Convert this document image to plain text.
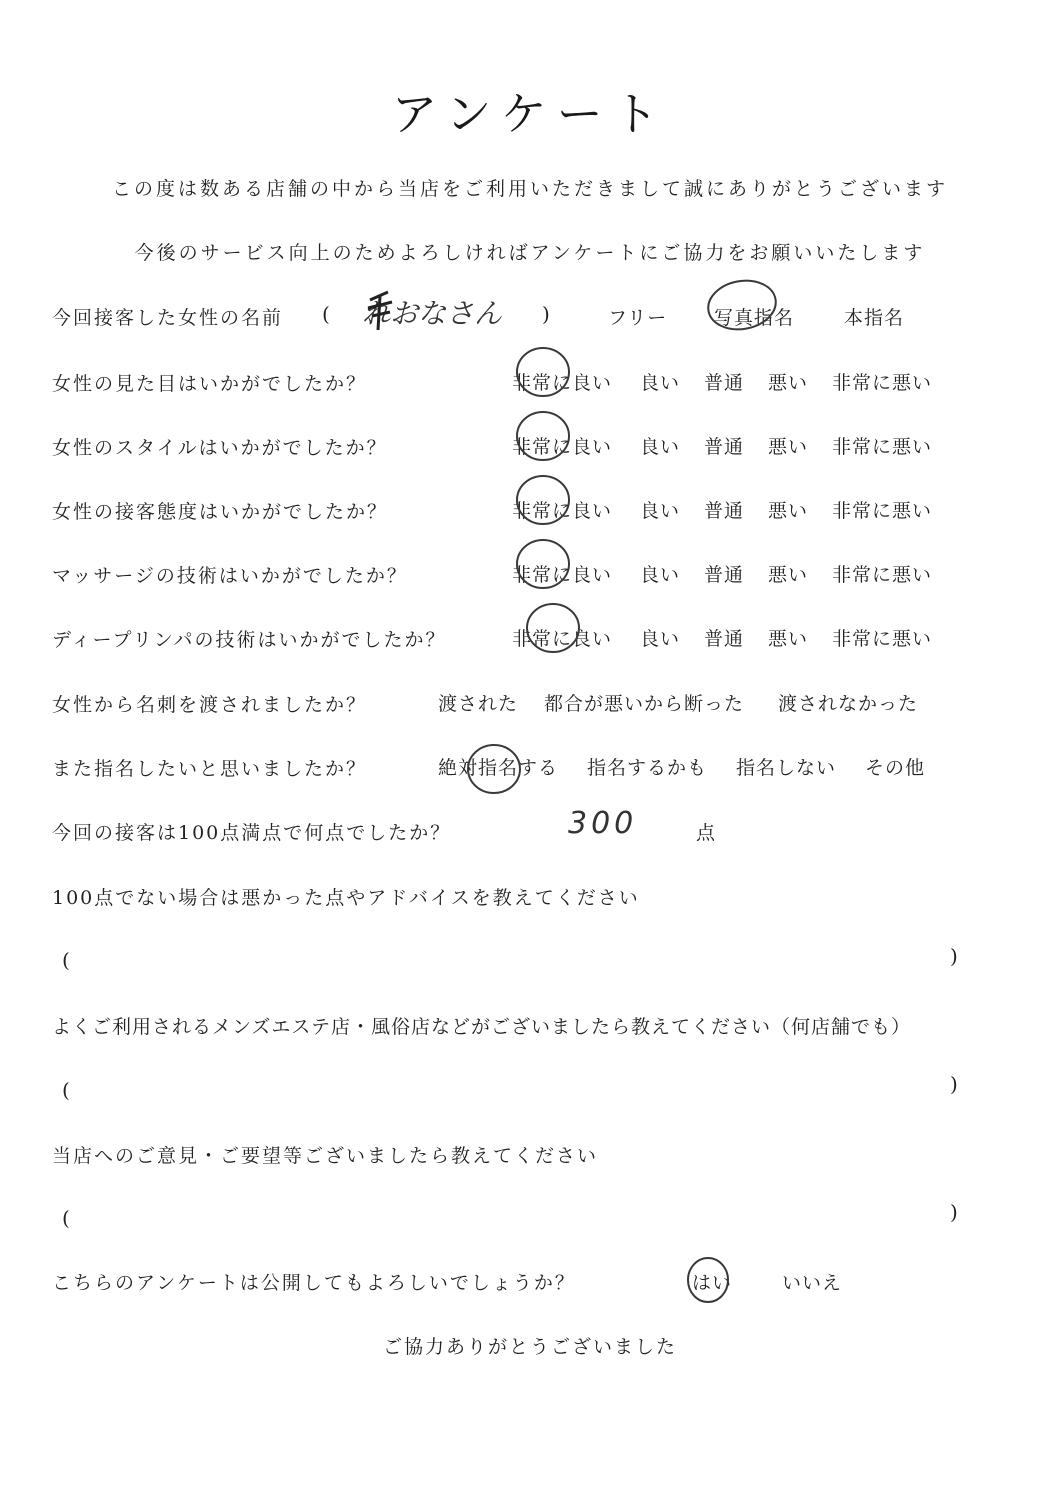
アンケート
この度は数ある店舗の中から当店をご利用いただきまして誠にありがとうございます
今後のサービス向上のためよろしければアンケートにご協力をお願いいたします
今回接客した女性の名前 ( れおなさん )	フリー 写真指名	本指名
女性の見た目はいかがでしたか？	非常に良い 良い 普通 悪い 非常に悪い
女性のスタイルはいかがでしたか？	非常に良い 良い 普通 悪い 非常に悪い
女性の接客態度はいかがでしたか？	非常に良い 良い 普通 悪い 非常に悪い
マッサージの技術はいかがでしたか？	非常に良い 良い 普通 悪い 非常に悪い
ディープリンパの技術はいかがでしたか？	非常に良い 良い 普通 悪い 非常に悪い
女性から名刺を渡されましたか？	渡された 都合が悪いから断った 渡されなかった
また指名したいと思いましたか？	絶対指名する 指名するかも 指名しない その他
今回の接客は100点満点で何点でしたか？	300	点
100点でない場合は悪かった点やアドバイスを教えてください
(	)
よくご利用されるメンズエステ店・風俗店などがございましたら教えてください（何店舗でも）
(	)
当店へのご意見・ご要望等ございましたら教えてください
(	)
こちらのアンケートは公開してもよろしいでしょうか？	はい	いいえ
ご協力ありがとうございました
